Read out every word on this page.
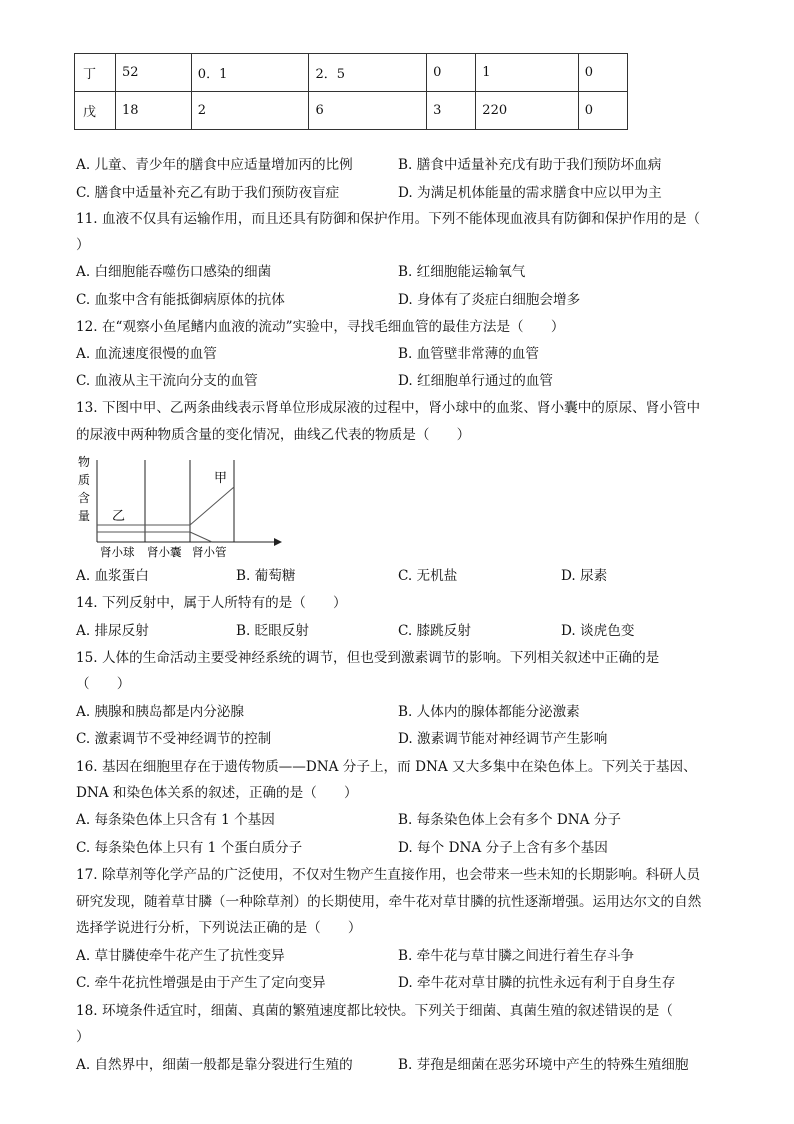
丁	52	0．1	2．5	0	1	0
戊	18	2	6	3	220	0
A. 儿童、青少年的膳食中应适量增加丙的比例	B. 膳食中适量补充戊有助于我们预防坏血病
C. 膳食中适量补充乙有助于我们预防夜盲症	D. 为满足机体能量的需求膳食中应以甲为主
11. 血液不仅具有运输作用，而且还具有防御和保护作用。下列不能体现血液具有防御和保护作用的是（
）
A. 白细胞能吞噬伤口感染的细菌	B. 红细胞能运输氧气
C. 血浆中含有能抵御病原体的抗体	D. 身体有了炎症白细胞会增多
12. 在“观察小鱼尾鳍内血液的流动”实验中，寻找毛细血管的最佳方法是（　　）
A. 血流速度很慢的血管	B. 血管壁非常薄的血管
C. 血液从主干流向分支的血管	D. 红细胞单行通过的血管
13. 下图中甲、乙两条曲线表示肾单位形成尿液的过程中，肾小球中的血浆、肾小囊中的原尿、肾小管中
的尿液中两种物质含量的变化情况，曲线乙代表的物质是（　　）
物
质
含
量
甲
乙
肾小球 肾小囊 肾小管
A. 血浆蛋白	B. 葡萄糖	C. 无机盐	D. 尿素
14. 下列反射中，属于人所特有的是（　　）
A. 排尿反射	B. 眨眼反射	C. 膝跳反射	D. 谈虎色变
15. 人体的生命活动主要受神经系统的调节，但也受到激素调节的影响。下列相关叙述中正确的是
（　　）
A. 胰腺和胰岛都是内分泌腺	B. 人体内的腺体都能分泌激素
C. 激素调节不受神经调节的控制	D. 激素调节能对神经调节产生影响
16. 基因在细胞里存在于遗传物质——DNA 分子上，而 DNA 又大多集中在染色体上。下列关于基因、
DNA 和染色体关系的叙述，正确的是（　　）
A. 每条染色体上只含有 1 个基因	B. 每条染色体上会有多个 DNA 分子
C. 每条染色体上只有 1 个蛋白质分子	D. 每个 DNA 分子上含有多个基因
17. 除草剂等化学产品的广泛使用，不仅对生物产生直接作用，也会带来一些未知的长期影响。科研人员
研究发现，随着草甘膦（一种除草剂）的长期使用，牵牛花对草甘膦的抗性逐渐增强。运用达尔文的自然
选择学说进行分析，下列说法正确的是（　　）
A. 草甘膦使牵牛花产生了抗性变异	B. 牵牛花与草甘膦之间进行着生存斗争
C. 牵牛花抗性增强是由于产生了定向变异	D. 牵牛花对草甘膦的抗性永远有利于自身生存
18. 环境条件适宜时，细菌、真菌的繁殖速度都比较快。下列关于细菌、真菌生殖的叙述错误的是（
）
A. 自然界中，细菌一般都是靠分裂进行生殖的	B. 芽孢是细菌在恶劣环境中产生的特殊生殖细胞
